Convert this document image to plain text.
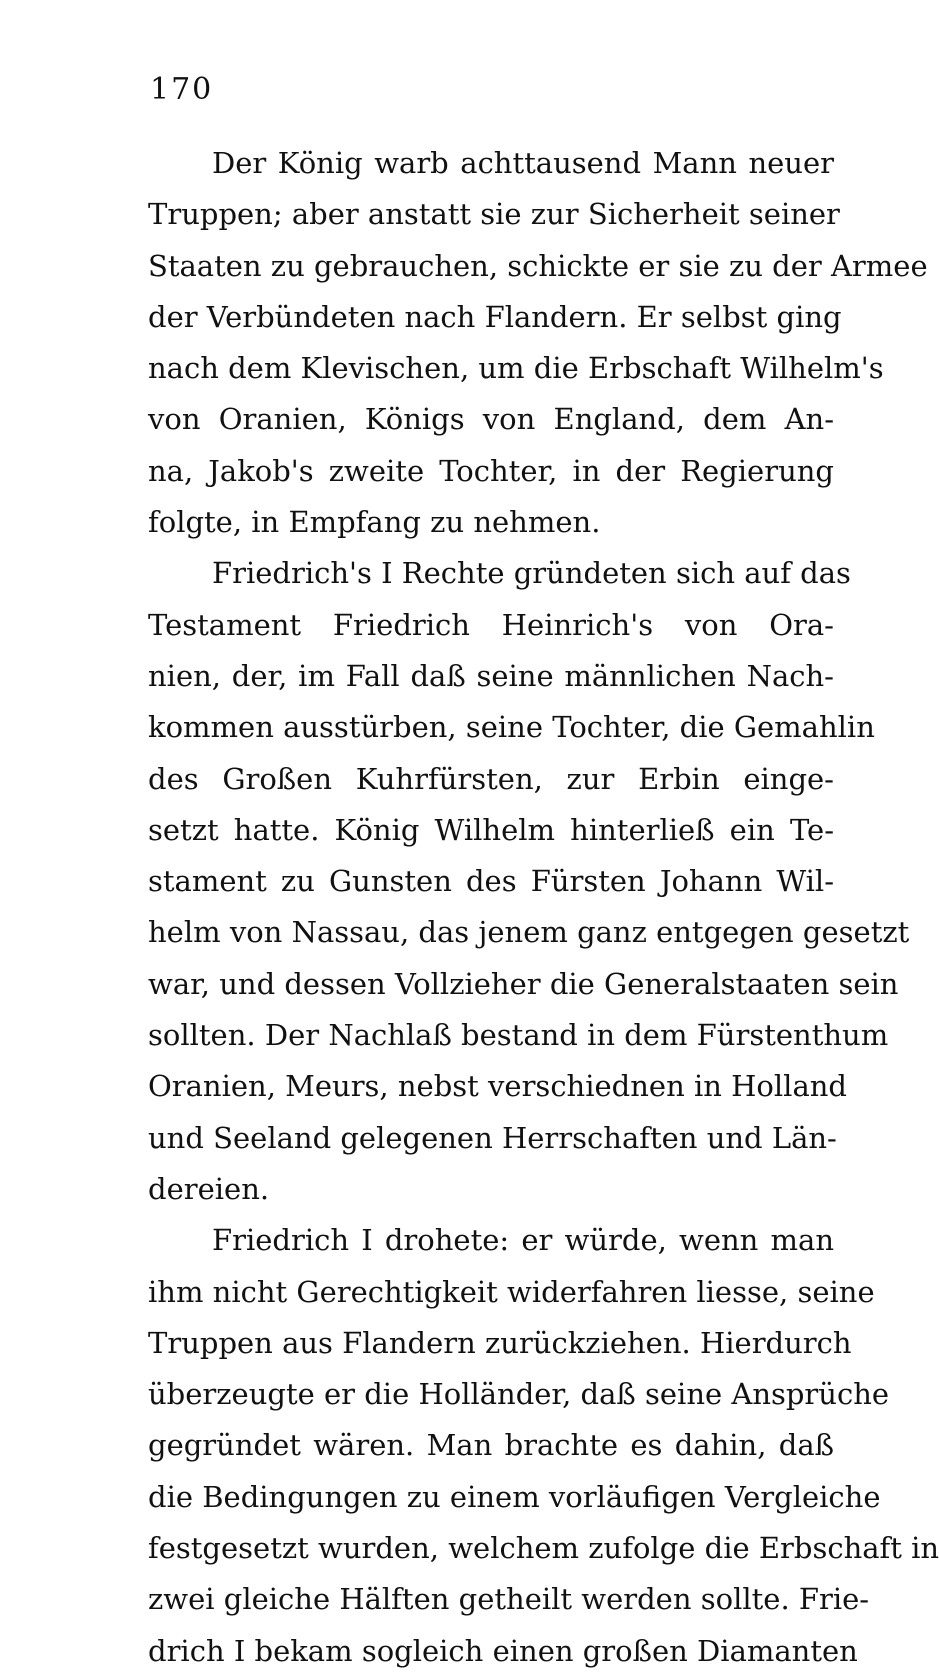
170
Der König warb achttausend Mann neuer
Truppen; aber anstatt sie zur Sicherheit seiner
Staaten zu gebrauchen, schickte er sie zu der Armee
der Verbündeten nach Flandern. Er selbst ging
nach dem Klevischen, um die Erbschaft Wilhelm's
von Oranien, Königs von England, dem An-
na, Jakob's zweite Tochter, in der Regierung
folgte, in Empfang zu nehmen.
Friedrich's I Rechte gründeten sich auf das
Testament Friedrich Heinrich's von Ora-
nien, der, im Fall daß seine männlichen Nach-
kommen ausstürben, seine Tochter, die Gemahlin
des Großen Kuhrfürsten, zur Erbin einge-
setzt hatte. König Wilhelm hinterließ ein Te-
stament zu Gunsten des Fürsten Johann Wil-
helm von Nassau, das jenem ganz entgegen gesetzt
war, und dessen Vollzieher die Generalstaaten sein
sollten. Der Nachlaß bestand in dem Fürstenthum
Oranien, Meurs, nebst verschiednen in Holland
und Seeland gelegenen Herrschaften und Län-
dereien.
Friedrich I drohete: er würde, wenn man
ihm nicht Gerechtigkeit widerfahren liesse, seine
Truppen aus Flandern zurückziehen. Hierdurch
überzeugte er die Holländer, daß seine Ansprüche
gegründet wären. Man brachte es dahin, daß
die Bedingungen zu einem vorläufigen Vergleiche
festgesetzt wurden, welchem zufolge die Erbschaft in
zwei gleiche Hälften getheilt werden sollte. Frie-
drich I bekam sogleich einen großen Diamanten
